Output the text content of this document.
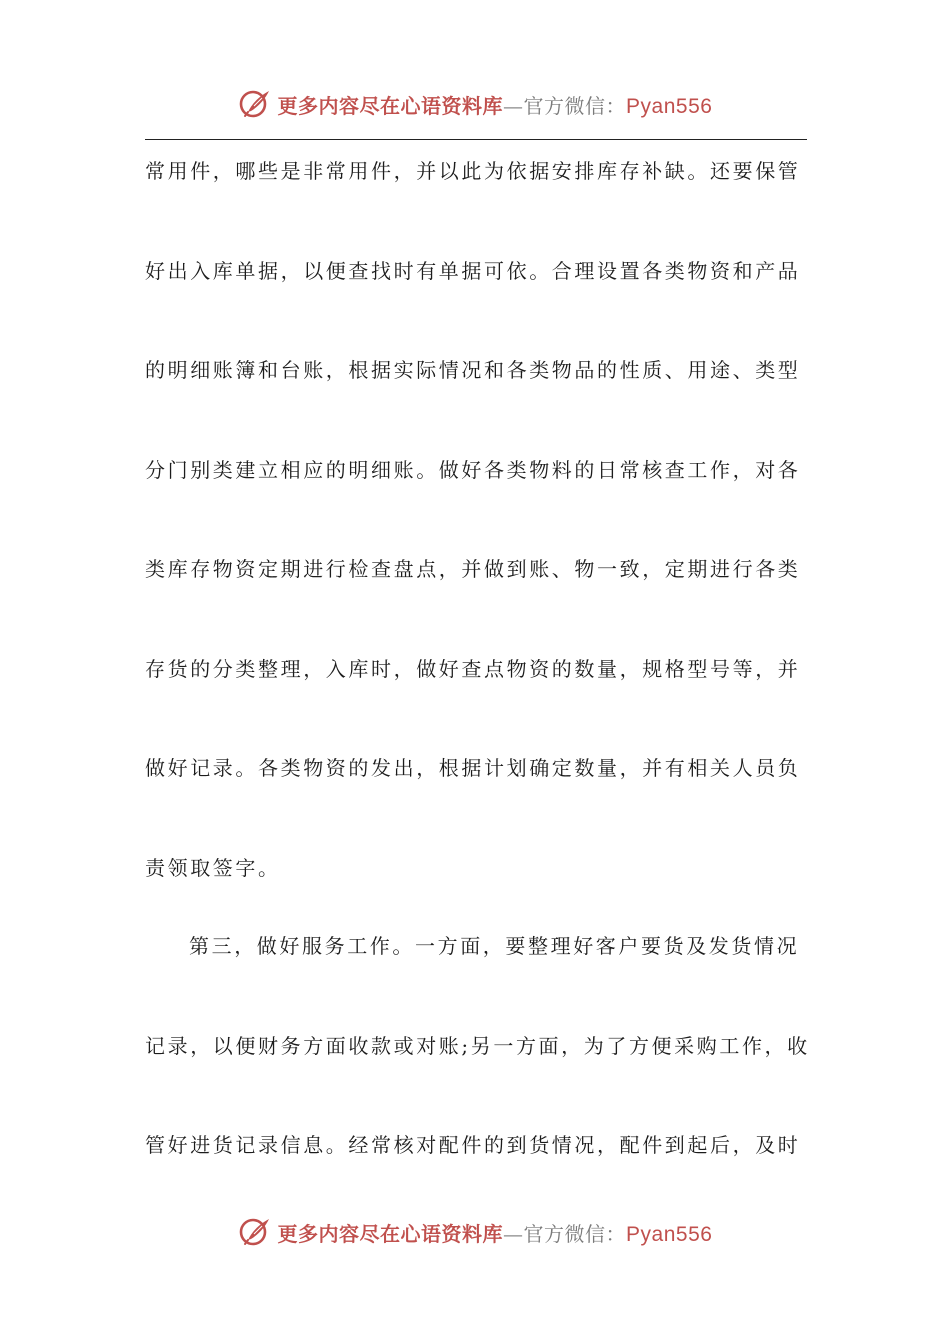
更多内容尽在心语资料库 — 官方微信： Pyan556
常用件，哪些是非常用件，并以此为依据安排库存补缺。还要保管
好出入库单据，以便查找时有单据可依。合理设置各类物资和产品
的明细账簿和台账，根据实际情况和各类物品的性质、用途、类型
分门别类建立相应的明细账。做好各类物料的日常核查工作，对各
类库存物资定期进行检查盘点，并做到账、物一致，定期进行各类
存货的分类整理，入库时，做好查点物资的数量，规格型号等，并
做好记录。各类物资的发出，根据计划确定数量，并有相关人员负
责领取签字。
第三，做好服务工作。一方面，要整理好客户要货及发货情况
记录，以便财务方面收款或对账;另一方面，为了方便采购工作，收
管好进货记录信息。经常核对配件的到货情况，配件到起后，及时
更多内容尽在心语资料库 — 官方微信： Pyan556
